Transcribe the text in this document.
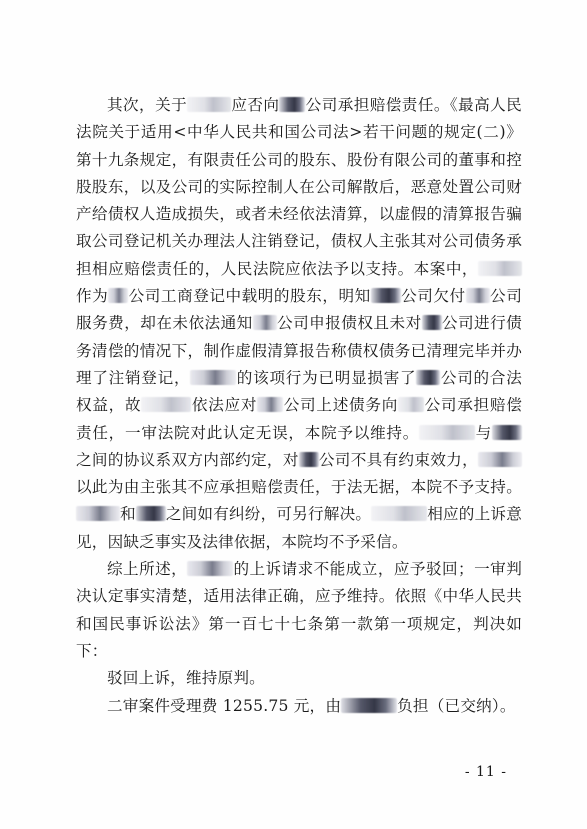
其次，关于	应否向 公司承担赔偿责任。《最高人民法院关于适用<中华人民共和国公司法>若干问题的规定(二)》第十九条规定，有限责任公司的股东、股份有限公司的董事和控股股东，以及公司的实际控制人在公司解散后，恶意处置公司财产给债权人造成损失，或者未经依法清算，以虚假的清算报告骗取公司登记机关办理法人注销登记，债权人主张其对公司债务承担相应赔偿责任的，人民法院应依法予以支持。本案中，作为 公司工商登记中载明的股东，明知 公司欠付 公司服务费，却在未依法通知 公司申报债权且未对 公司进行债务清偿的情况下，制作虚假清算报告称债权债务已清理完毕并办理了注销登记，	的该项行为已明显损害了 公司的合法权益，故	依法应对 公司上述债务向 公司承担赔偿责任，一审法院对此认定无误，本院予以维持。	与之间的协议系双方内部约定，对 公司不具有约束效力，以此为由主张其不应承担赔偿责任，于法无据，本院不予支持。和 之间如有纠纷，可另行解决。	相应的上诉意见，因缺乏事实及法律依据，本院均不予采信。

综上所述，	的上诉请求不能成立，应予驳回；一审判决认定事实清楚，适用法律正确，应予维持。依照《中华人民共和国民事诉讼法》第一百七十七条第一款第一项规定，判决如下：

驳回上诉，维持原判。

二审案件受理费 1255.75 元，由	负担（已交纳）。

- 11 -
